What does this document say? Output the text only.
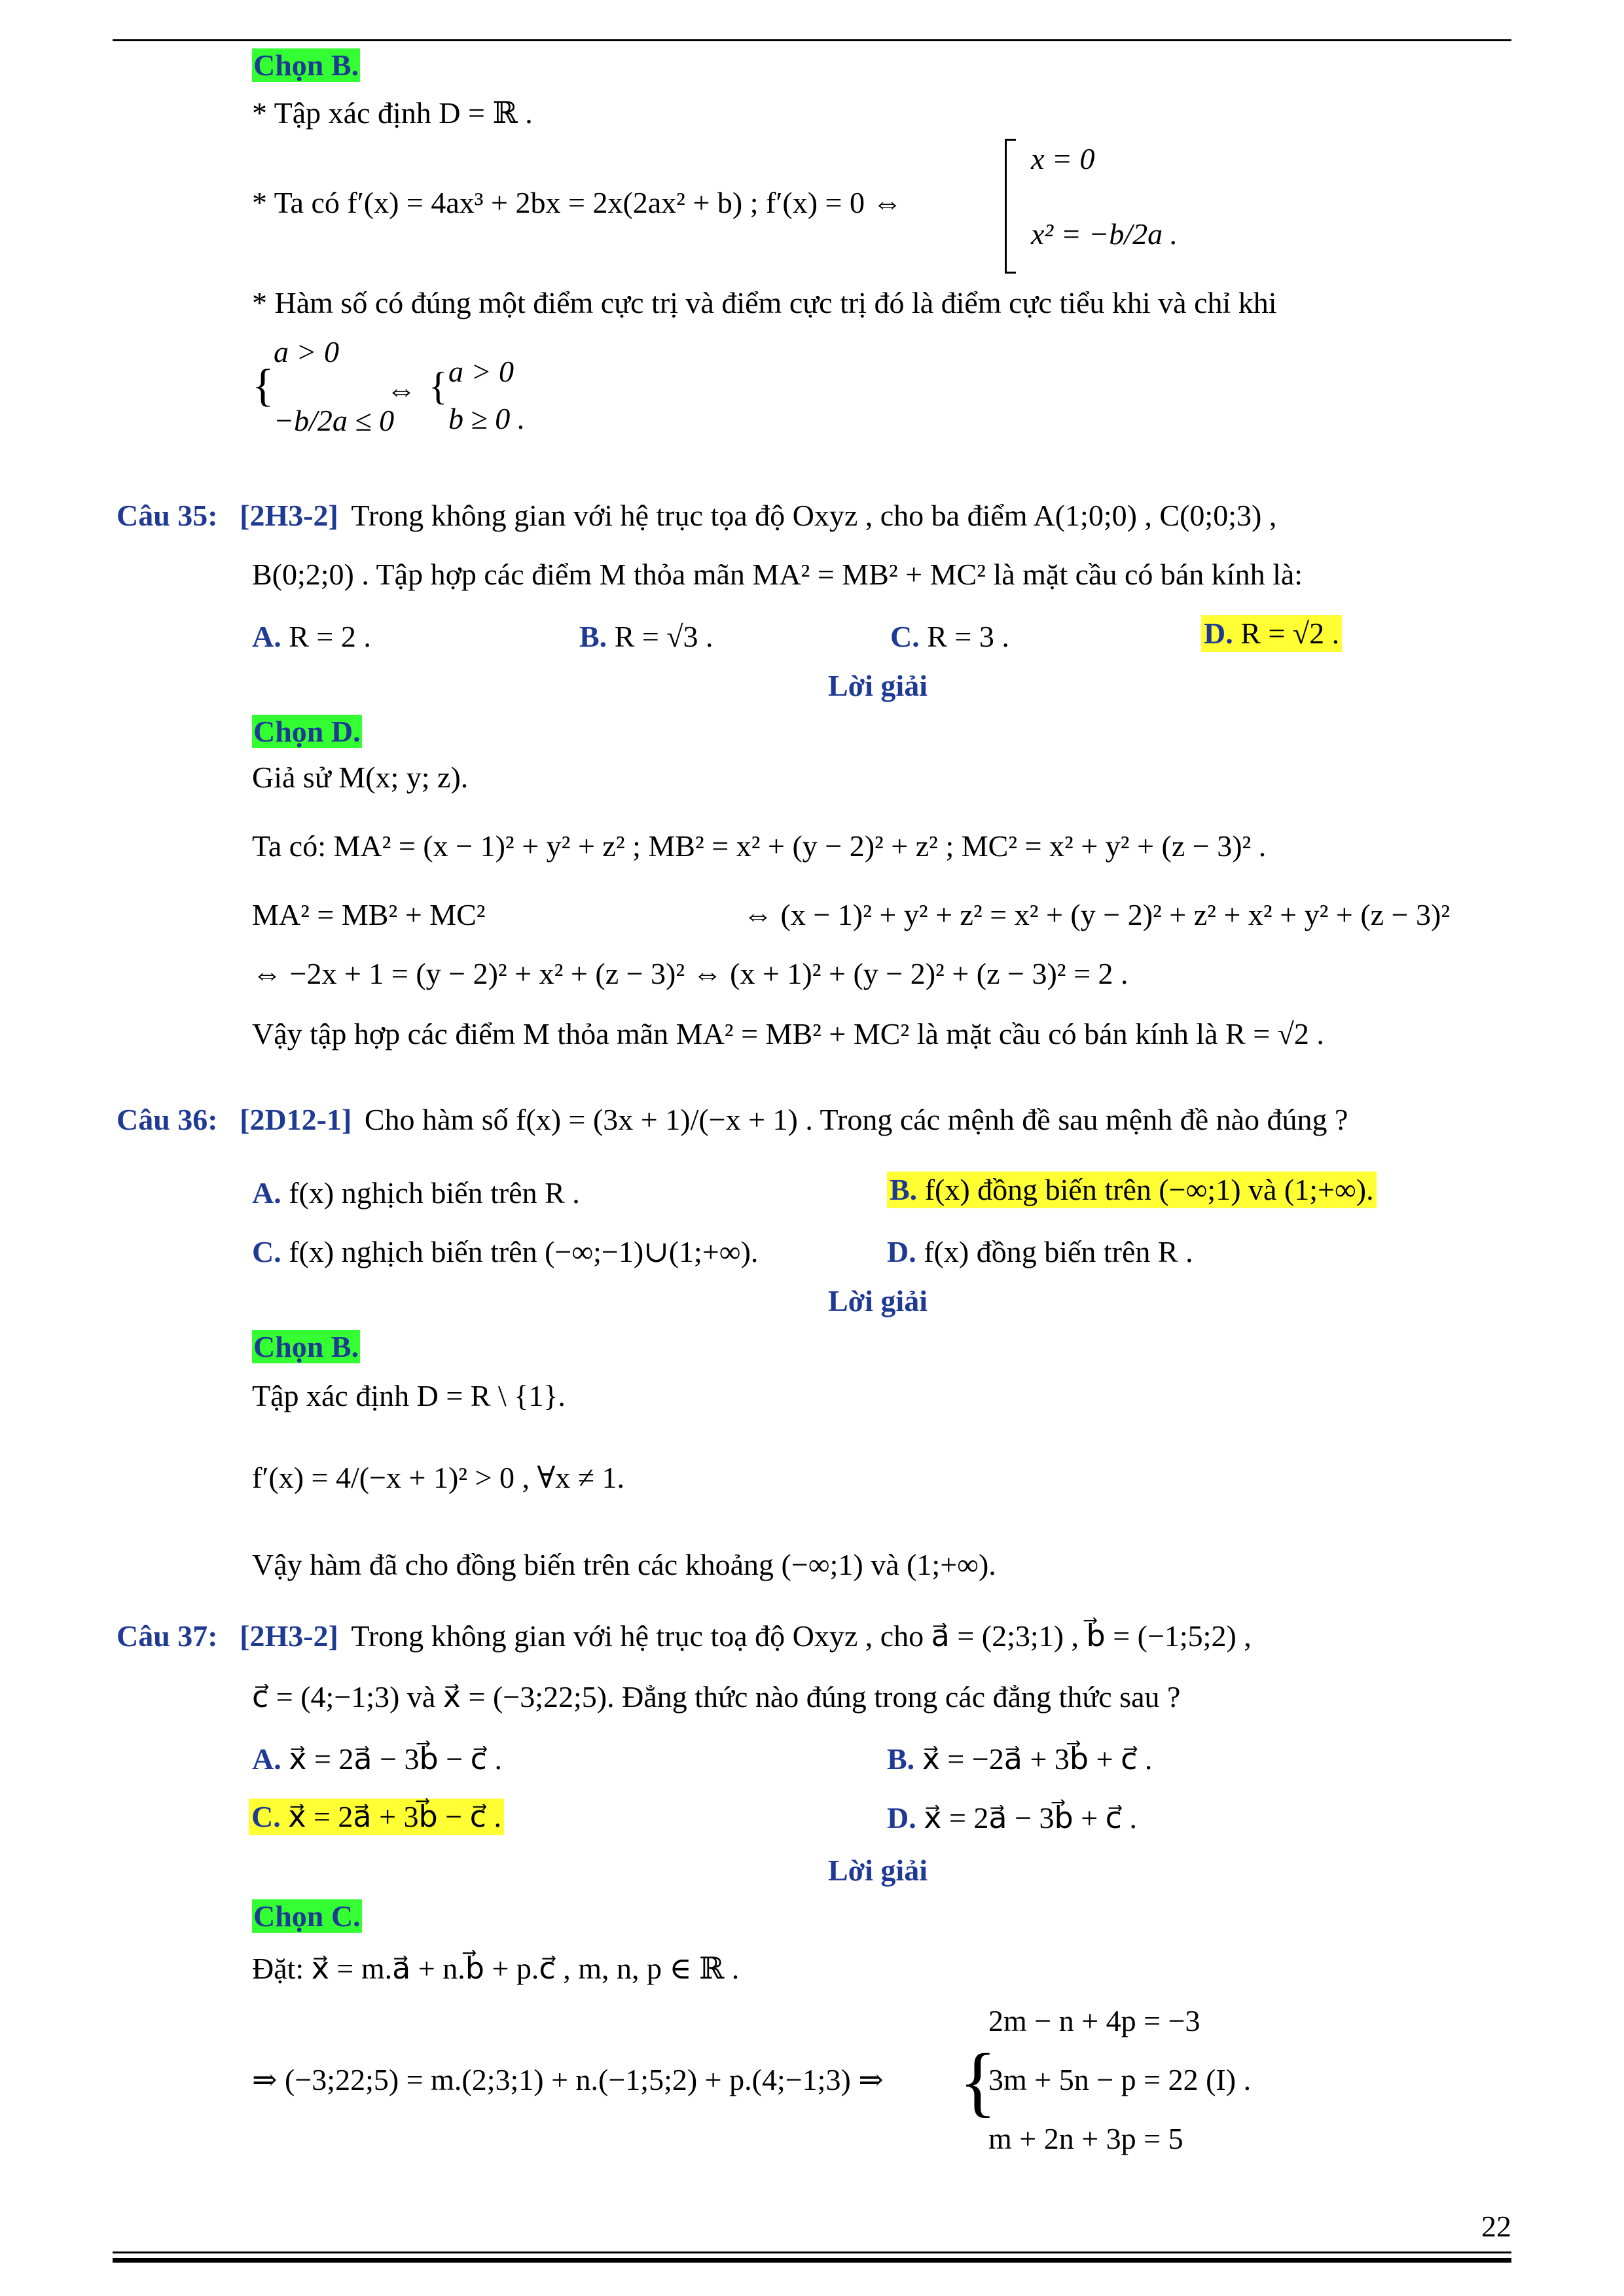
Chọn B.
* Tập xác định D = ℝ .
* Ta có f′(x) = 4ax³ + 2bx = 2x(2ax² + b) ; f′(x) = 0 ⇔
x = 0
x² = −b/2a .
* Hàm số có đúng một điểm cực trị và điểm cực trị đó là điểm cực tiểu khi và chỉ khi
{
a > 0
−b/2a ≤ 0
⇔ { a > 0
b ≥ 0 .
Câu 35: [2H3-2] Trong không gian với hệ trục tọa độ Oxyz , cho ba điểm A(1;0;0) , C(0;0;3) ,
B(0;2;0) . Tập hợp các điểm M thỏa mãn MA² = MB² + MC² là mặt cầu có bán kính là:
A. R = 2 .	B. R = √3 .	C. R = 3 .	D. R = √2 .
Lời giải
Chọn D.
Giả sử M(x; y; z).
Ta có: MA² = (x − 1)² + y² + z² ; MB² = x² + (y − 2)² + z² ; MC² = x² + y² + (z − 3)² .
MA² = MB² + MC²	⇔ (x − 1)² + y² + z² = x² + (y − 2)² + z² + x² + y² + (z − 3)²
⇔ −2x + 1 = (y − 2)² + x² + (z − 3)² ⇔ (x + 1)² + (y − 2)² + (z − 3)² = 2 .
Vậy tập hợp các điểm M thỏa mãn MA² = MB² + MC² là mặt cầu có bán kính là R = √2 .
Câu 36: [2D12-1] Cho hàm số f(x) = (3x + 1)/(−x + 1) . Trong các mệnh đề sau mệnh đề nào đúng ?
A. f(x) nghịch biến trên R .	B. f(x) đồng biến trên (−∞;1) và (1;+∞).
C. f(x) nghịch biến trên (−∞;−1)∪(1;+∞).	D. f(x) đồng biến trên R .
Lời giải
Chọn B.
Tập xác định D = R \ {1}.
f′(x) = 4/(−x + 1)² > 0 , ∀x ≠ 1.
Vậy hàm đã cho đồng biến trên các khoảng (−∞;1) và (1;+∞).
Câu 37: [2H3-2] Trong không gian với hệ trục toạ độ Oxyz , cho a⃗ = (2;3;1) , b⃗ = (−1;5;2) ,
c⃗ = (4;−1;3) và x⃗ = (−3;22;5). Đẳng thức nào đúng trong các đẳng thức sau ?
A. x⃗ = 2a⃗ − 3b⃗ − c⃗ .	B. x⃗ = −2a⃗ + 3b⃗ + c⃗ .
C. x⃗ = 2a⃗ + 3b⃗ − c⃗ .	D. x⃗ = 2a⃗ − 3b⃗ + c⃗ .
Lời giải
Chọn C.
Đặt: x⃗ = m.a⃗ + n.b⃗ + p.c⃗ , m, n, p ∈ ℝ .
⇒ (−3;22;5) = m.(2;3;1) + n.(−1;5;2) + p.(4;−1;3) ⇒ {
2m − n + 4p = −3
3m + 5n − p = 22 (I) .
m + 2n + 3p = 5
22
